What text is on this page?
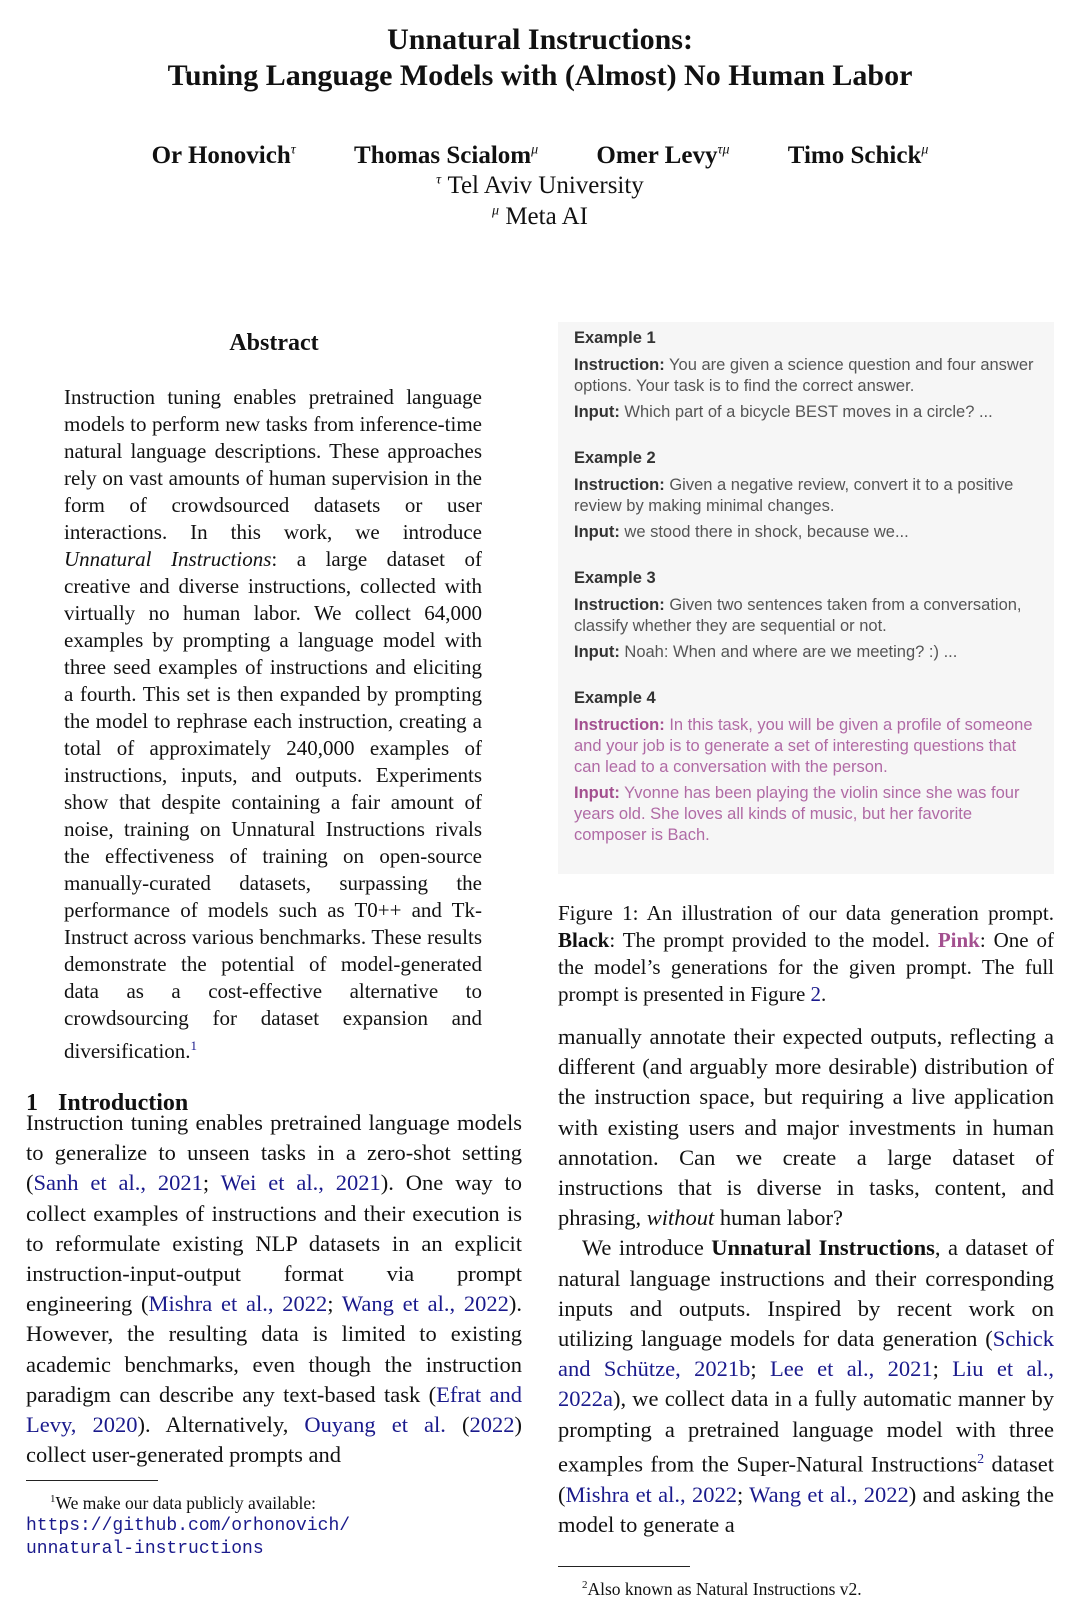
Unnatural Instructions:
Tuning Language Models with (Almost) No Human Labor
Or Honovich$^\tau$ Thomas Scialom$^\mu$ Omer Levy$^{\tau\mu}$ Timo Schick$^\mu$
$^\tau$ Tel Aviv University
$^\mu$ Meta AI
Abstract
Instruction tuning enables pretrained language models to perform new tasks from inference-time natural language descriptions. These approaches rely on vast amounts of human supervision in the form of crowdsourced datasets or user interactions. In this work, we introduce Unnatural Instructions: a large dataset of creative and diverse instructions, collected with virtually no human labor. We collect 64,000 examples by prompting a language model with three seed examples of instructions and eliciting a fourth. This set is then expanded by prompting the model to rephrase each instruction, creating a total of approximately 240,000 examples of instructions, inputs, and outputs. Experiments show that despite containing a fair amount of noise, training on Unnatural Instructions rivals the effectiveness of training on open-source manually-curated datasets, surpassing the performance of models such as T0++ and Tk-Instruct across various benchmarks. These results demonstrate the potential of model-generated data as a cost-effective alternative to crowdsourcing for dataset expansion and diversification.$^1$
1 Introduction
Instruction tuning enables pretrained language models to generalize to unseen tasks in a zero-shot setting (Sanh et al., 2021; Wei et al., 2021). One way to collect examples of instructions and their execution is to reformulate existing NLP datasets in an explicit instruction-input-output format via prompt engineering (Mishra et al., 2022; Wang et al., 2022). However, the resulting data is limited to existing academic benchmarks, even though the instruction paradigm can describe any text-based task (Efrat and Levy, 2020). Alternatively, Ouyang et al. (2022) collect user-generated prompts and
Example 1

Instruction: You are given a science question and four answer options. Your task is to find the correct answer.

Input: Which part of a bicycle BEST moves in a circle? ...

Example 2

Instruction: Given a negative review, convert it to a positive review by making minimal changes.

Input: we stood there in shock, because we...

Example 3

Instruction: Given two sentences taken from a conversation, classify whether they are sequential or not.

Input: Noah: When and where are we meeting? :) ...

Example 4

Instruction: In this task, you will be given a profile of someone and your job is to generate a set of interesting questions that can lead to a conversation with the person.

Input: Yvonne has been playing the violin since she was four years old. She loves all kinds of music, but her favorite composer is Bach.

Figure 1: An illustration of our data generation prompt. Black: The prompt provided to the model. Pink: One of the model’s generations for the given prompt. The full prompt is presented in Figure 2.
manually annotate their expected outputs, reflecting a different (and arguably more desirable) distribution of the instruction space, but requiring a live application with existing users and major investments in human annotation. Can we create a large dataset of instructions that is diverse in tasks, content, and phrasing, without human labor?
We introduce Unnatural Instructions, a dataset of natural language instructions and their corresponding inputs and outputs. Inspired by recent work on utilizing language models for data generation (Schick and Schütze, 2021b; Lee et al., 2021; Liu et al., 2022a), we collect data in a fully automatic manner by prompting a pretrained language model with three examples from the Super-Natural Instructions$^2$ dataset (Mishra et al., 2022; Wang et al., 2022) and asking the model to generate a
$^1$We make our data publicly available:
https://github.com/orhonovich/
unnatural-instructions
$^2$Also known as Natural Instructions v2.
